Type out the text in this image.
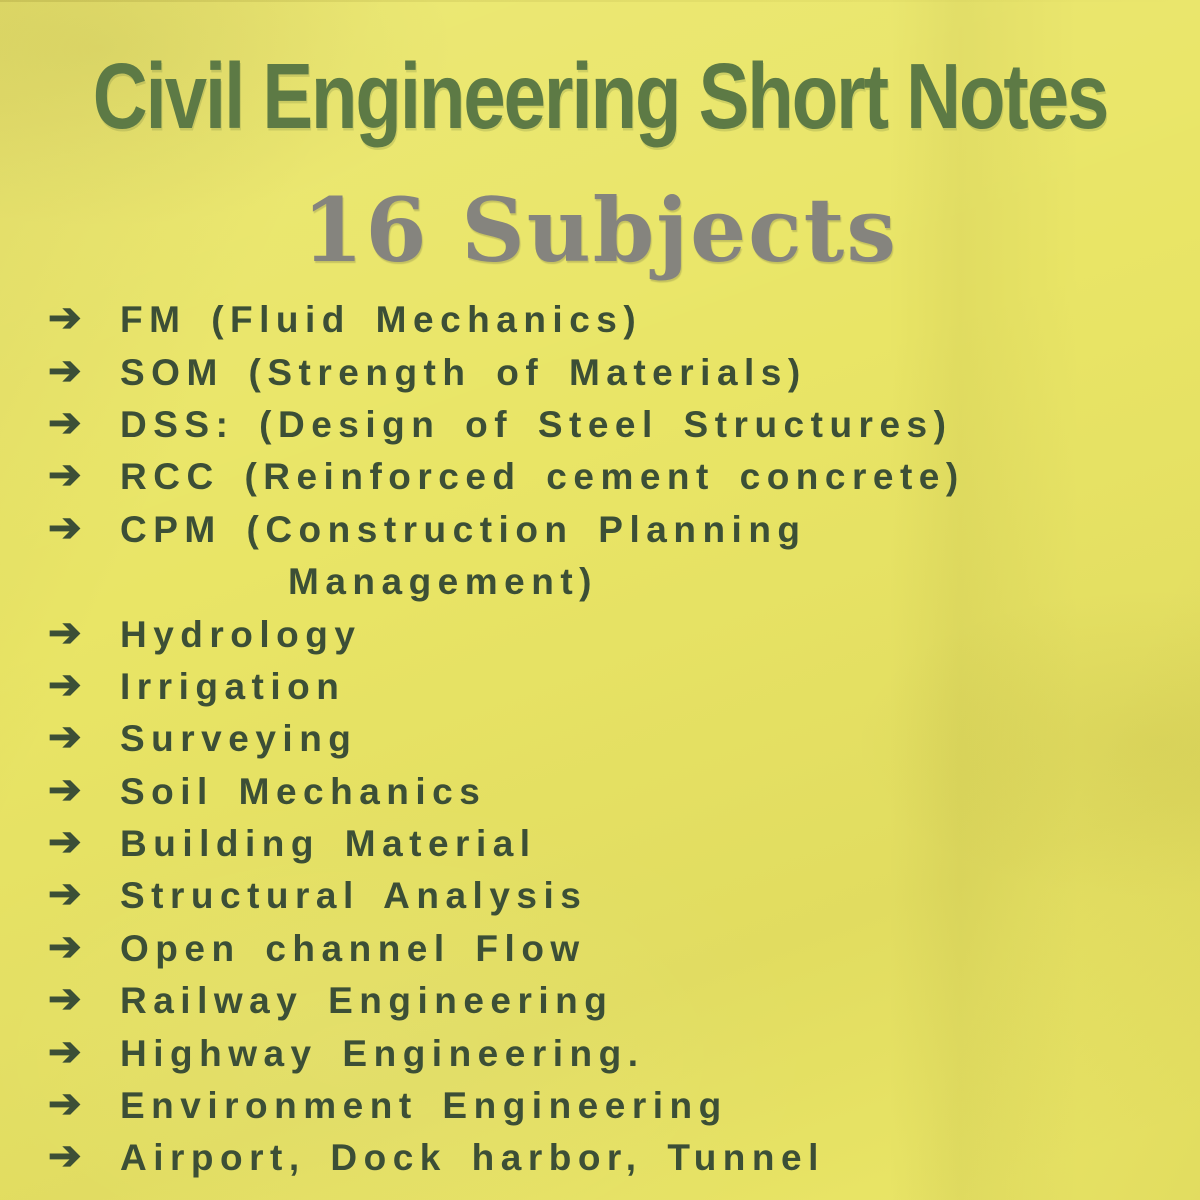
Civil Engineering Short Notes
16 Subjects
➔	FM (Fluid Mechanics)
➔	SOM (Strength of Materials)
➔	DSS: (Design of Steel Structures)
➔	RCC (Reinforced cement concrete)
➔	CPM (Construction Planning
Management)
➔	Hydrology
➔	Irrigation
➔	Surveying
➔	Soil Mechanics
➔	Building Material
➔	Structural Analysis
➔	Open channel Flow
➔	Railway Engineering
➔	Highway Engineering.
➔	Environment Engineering
➔	Airport, Dock harbor, Tunnel
